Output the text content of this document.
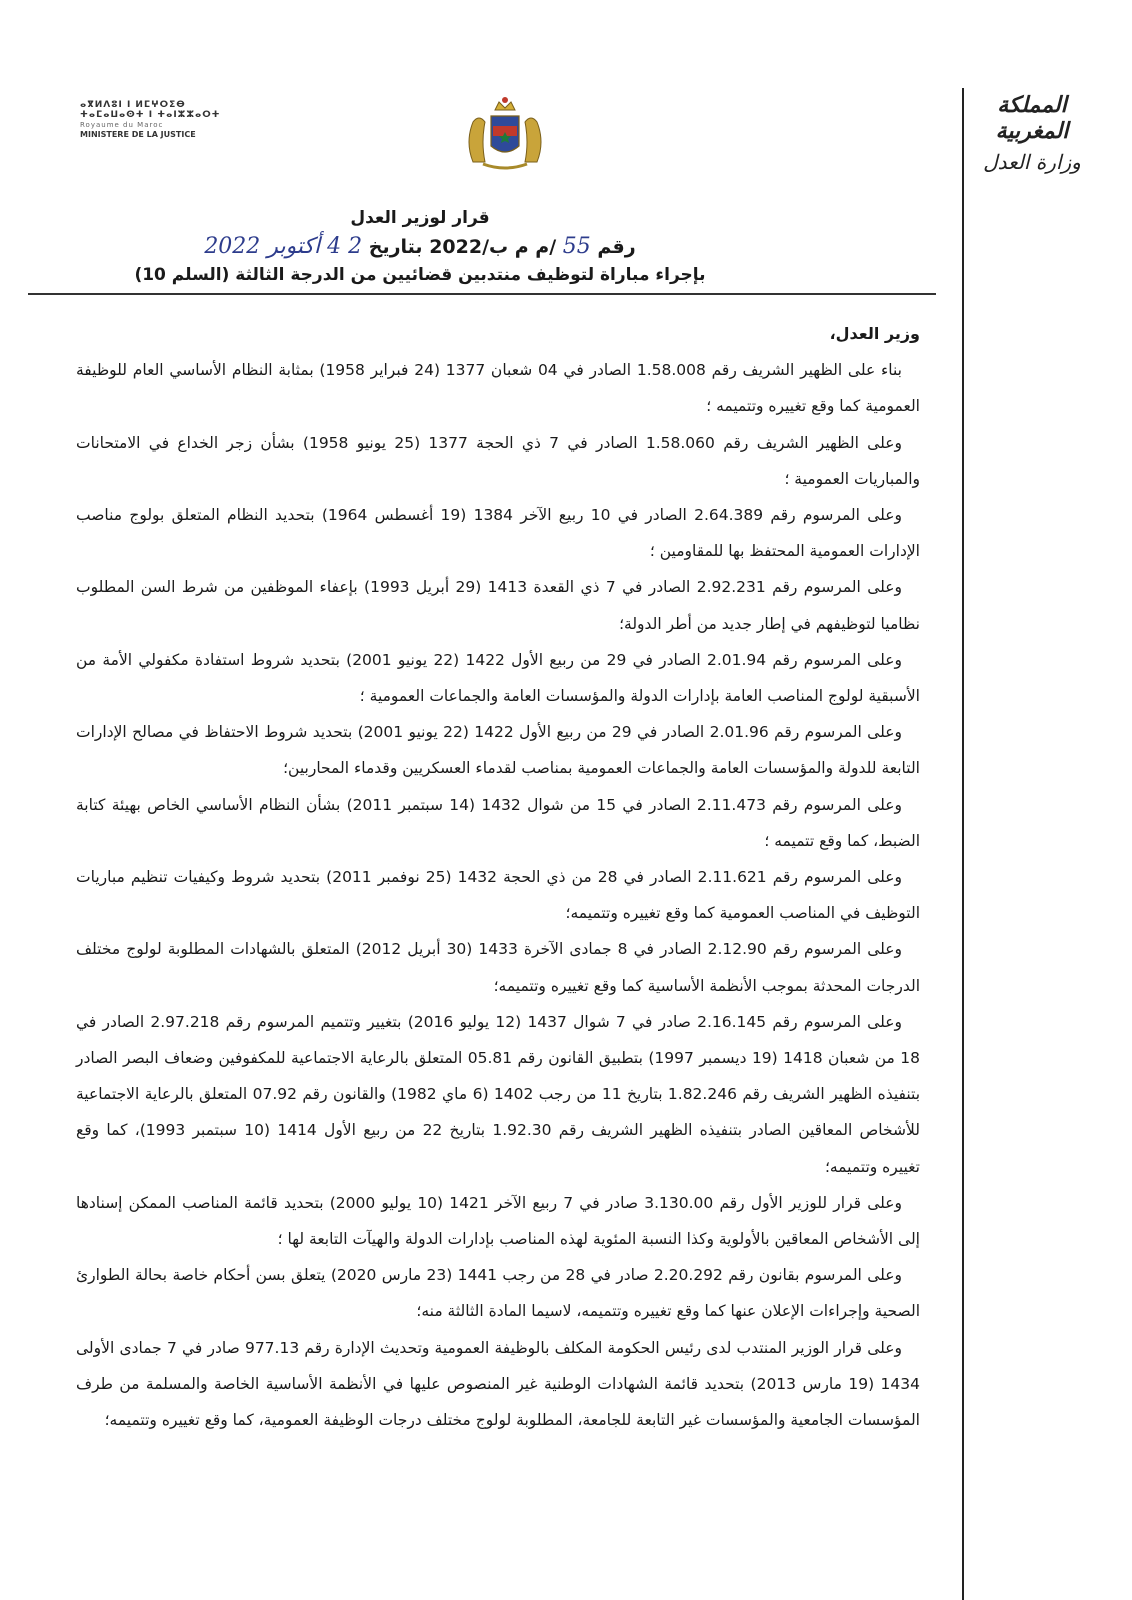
المملكة المغربية
وزارة العدل
ⴰⴳⵍⴷⵓⵏ ⵏ ⵍⵎⵖⵔⵉⴱ
ⵜⴰⵎⴰⵡⴰⵙⵜ ⵏ ⵜⴰⵏⵣⵣⴰⵔⵜ
Royaume du Maroc
MINISTERE DE LA JUSTICE
قرار لوزير العدل
رقم 55 /م م ب/2022 بتاريخ 2 4 أكتوبر 2022
بإجراء مباراة لتوظيف منتدبين قضائيين من الدرجة الثالثة (السلم 10)
وزير العدل،

بناء على الظهير الشريف رقم 1.58.008 الصادر في 04 شعبان 1377 (24 فبراير 1958) بمثابة النظام الأساسي العام للوظيفة العمومية كما وقع تغييره وتتميمه ؛

وعلى الظهير الشريف رقم 1.58.060 الصادر في 7 ذي الحجة 1377 (25 يونيو 1958) بشأن زجر الخداع في الامتحانات والمباريات العمومية ؛

وعلى المرسوم رقم 2.64.389 الصادر في 10 ربيع الآخر 1384 (19 أغسطس 1964) بتحديد النظام المتعلق بولوج مناصب الإدارات العمومية المحتفظ بها للمقاومين ؛

وعلى المرسوم رقم 2.92.231 الصادر في 7 ذي القعدة 1413 (29 أبريل 1993) بإعفاء الموظفين من شرط السن المطلوب نظاميا لتوظيفهم في إطار جديد من أطر الدولة؛

وعلى المرسوم رقم 2.01.94 الصادر في 29 من ربيع الأول 1422 (22 يونيو 2001) بتحديد شروط استفادة مكفولي الأمة من الأسبقية لولوج المناصب العامة بإدارات الدولة والمؤسسات العامة والجماعات العمومية ؛

وعلى المرسوم رقم 2.01.96 الصادر في 29 من ربيع الأول 1422 (22 يونيو 2001) بتحديد شروط الاحتفاظ في مصالح الإدارات التابعة للدولة والمؤسسات العامة والجماعات العمومية بمناصب لقدماء العسكريين وقدماء المحاربين؛

وعلى المرسوم رقم 2.11.473 الصادر في 15 من شوال 1432 (14 سبتمبر 2011) بشأن النظام الأساسي الخاص بهيئة كتابة الضبط، كما وقع تتميمه ؛

وعلى المرسوم رقم 2.11.621 الصادر في 28 من ذي الحجة 1432 (25 نوفمبر 2011) بتحديد شروط وكيفيات تنظيم مباريات التوظيف في المناصب العمومية كما وقع تغييره وتتميمه؛

وعلى المرسوم رقم 2.12.90 الصادر في 8 جمادى الآخرة 1433 (30 أبريل 2012) المتعلق بالشهادات المطلوبة لولوج مختلف الدرجات المحدثة بموجب الأنظمة الأساسية كما وقع تغييره وتتميمه؛

وعلى المرسوم رقم 2.16.145 صادر في 7 شوال 1437 (12 يوليو 2016) بتغيير وتتميم المرسوم رقم 2.97.218 الصادر في 18 من شعبان 1418 (19 ديسمبر 1997) بتطبيق القانون رقم 05.81 المتعلق بالرعاية الاجتماعية للمكفوفين وضعاف البصر الصادر بتنفيذه الظهير الشريف رقم 1.82.246 بتاريخ 11 من رجب 1402 (6 ماي 1982) والقانون رقم 07.92 المتعلق بالرعاية الاجتماعية للأشخاص المعاقين الصادر بتنفيذه الظهير الشريف رقم 1.92.30 بتاريخ 22 من ربيع الأول 1414 (10 سبتمبر 1993)، كما وقع تغييره وتتميمه؛

وعلى قرار للوزير الأول رقم 3.130.00 صادر في 7 ربيع الآخر 1421 (10 يوليو 2000) بتحديد قائمة المناصب الممكن إسنادها إلى الأشخاص المعاقين بالأولوية وكذا النسبة المئوية لهذه المناصب بإدارات الدولة والهيآت التابعة لها ؛

وعلى المرسوم بقانون رقم 2.20.292 صادر في 28 من رجب 1441 (23 مارس 2020) يتعلق بسن أحكام خاصة بحالة الطوارئ الصحية وإجراءات الإعلان عنها كما وقع تغييره وتتميمه، لاسيما المادة الثالثة منه؛

وعلى قرار الوزير المنتدب لدى رئيس الحكومة المكلف بالوظيفة العمومية وتحديث الإدارة رقم 977.13 صادر في 7 جمادى الأولى 1434 (19 مارس 2013) بتحديد قائمة الشهادات الوطنية غير المنصوص عليها في الأنظمة الأساسية الخاصة والمسلمة من طرف المؤسسات الجامعية والمؤسسات غير التابعة للجامعة، المطلوبة لولوج مختلف درجات الوظيفة العمومية، كما وقع تغييره وتتميمه؛
